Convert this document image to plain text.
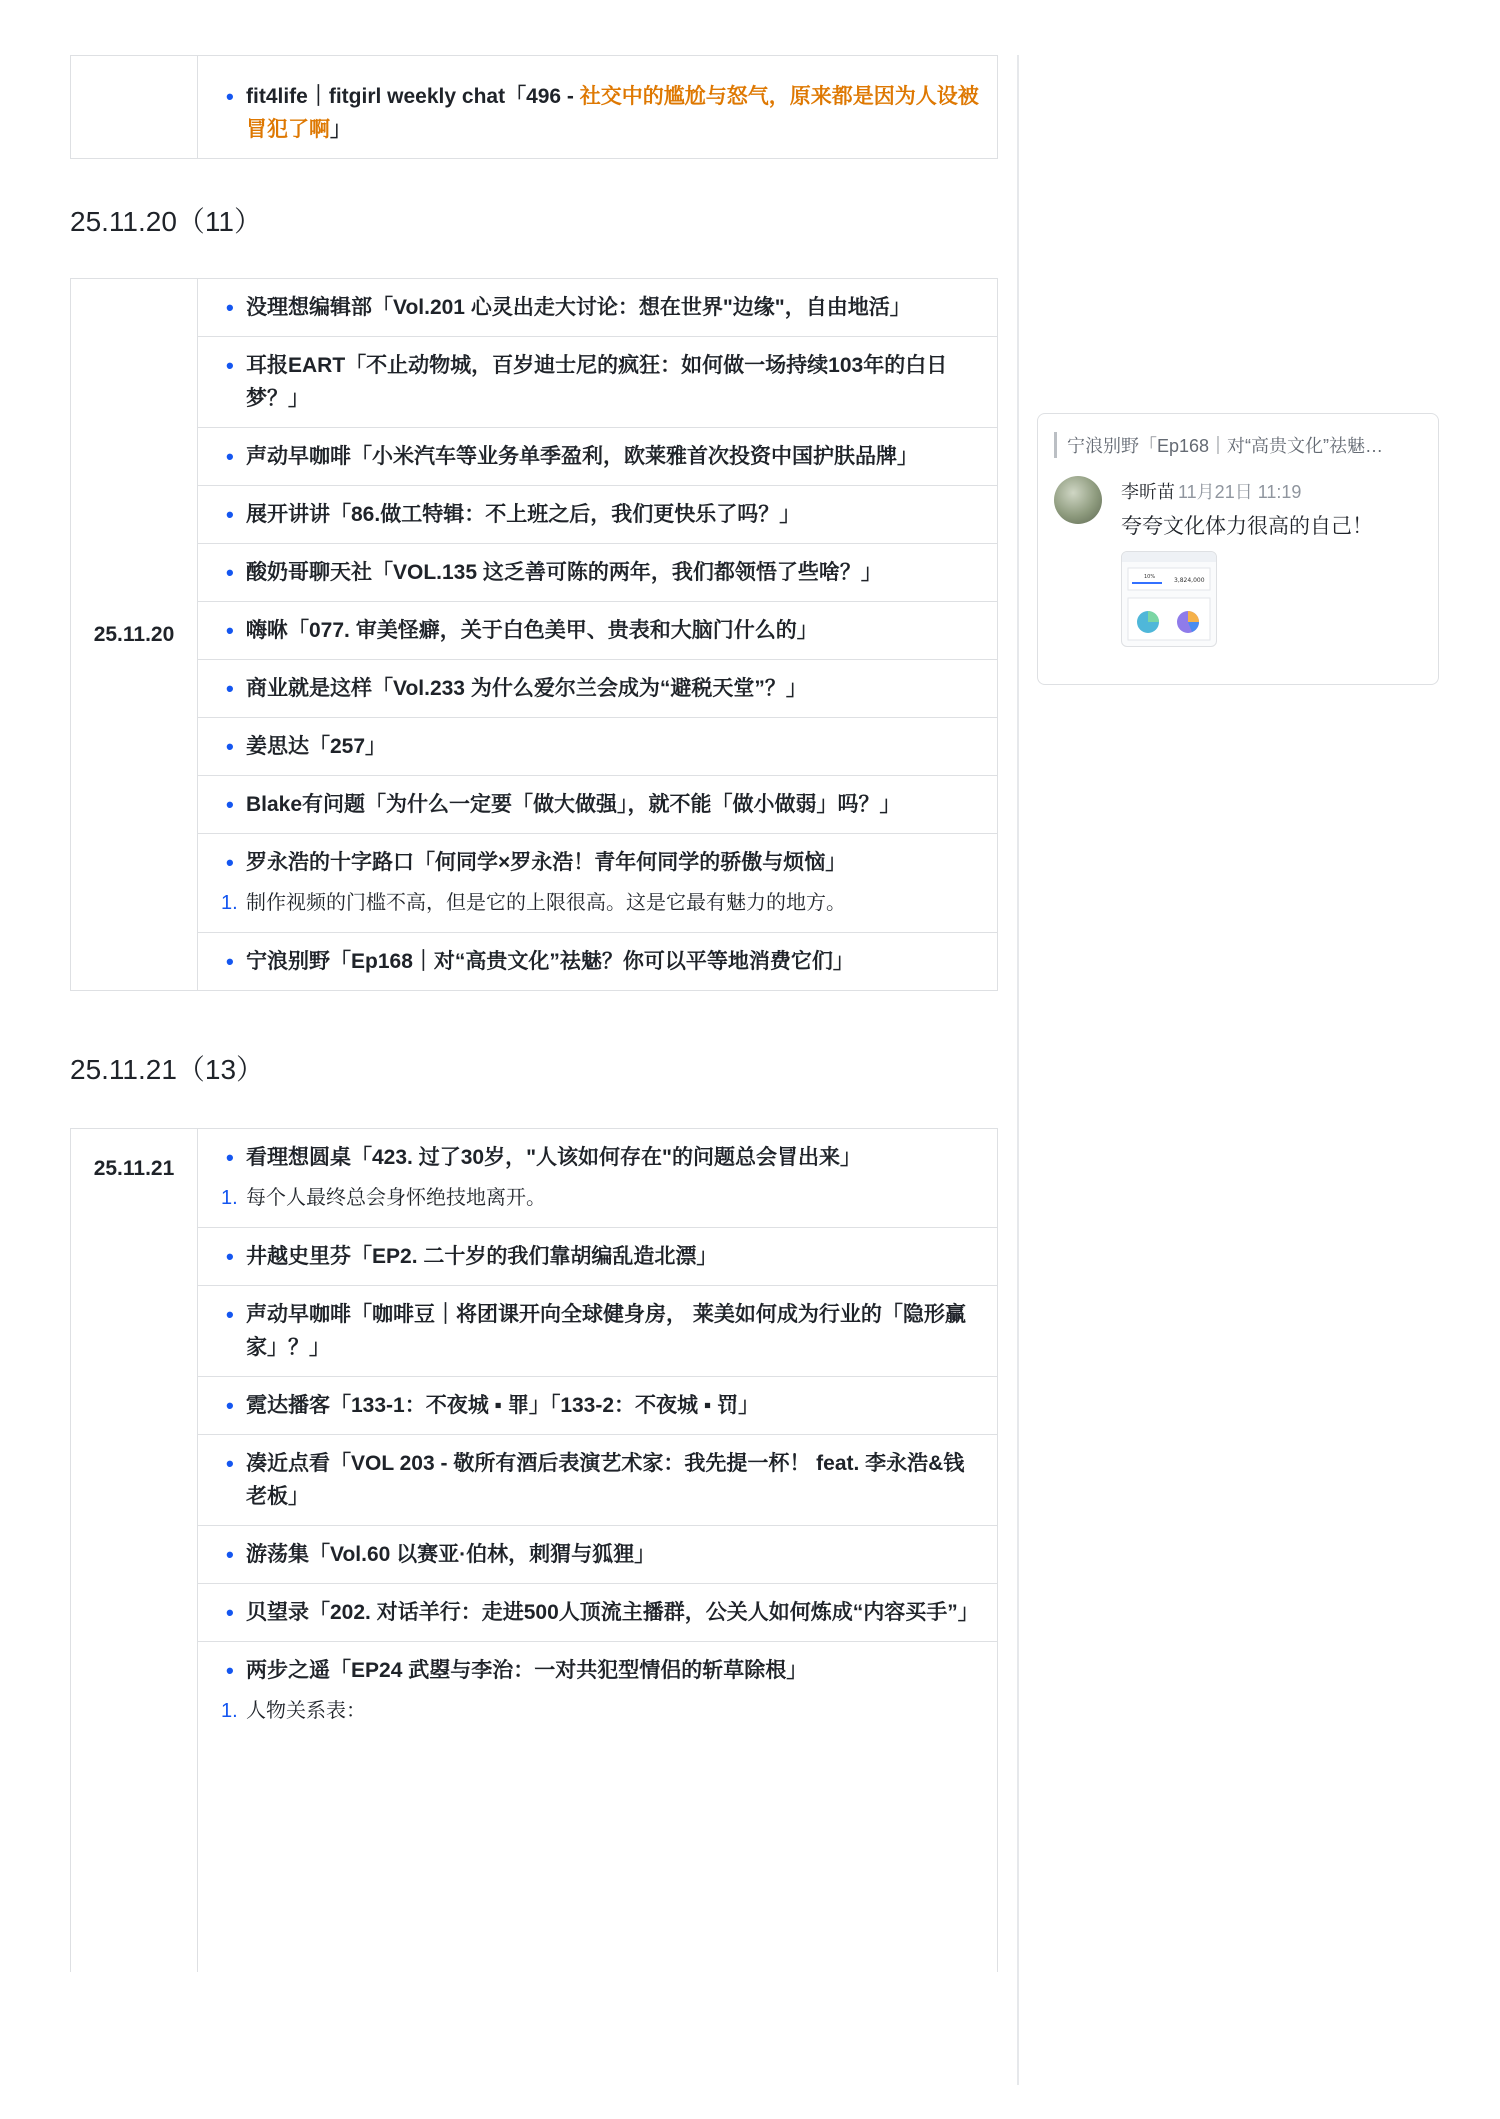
• fit4life｜fitgirl weekly chat「496 - 社交中的尴尬与怒气，原来都是因为人设被冒犯了啊」
25.11.20（11）
25.11.20	
• 没理想编辑部「Vol.201 心灵出走大讨论：想在世界"边缘"，自由地活」

• 耳报EART「不止动物城，百岁迪士尼的疯狂：如何做一场持续103年的白日梦？」

• 声动早咖啡「小米汽车等业务单季盈利，欧莱雅首次投资中国护肤品牌」

• 展开讲讲「86.做工特辑：不上班之后，我们更快乐了吗？」

• 酸奶哥聊天社「VOL.135 这乏善可陈的两年，我们都领悟了些啥？」

• 嗨咻「077. 审美怪癖，关于白色美甲、贵表和大脑门什么的」

• 商业就是这样「Vol.233 为什么爱尔兰会成为“避税天堂”？」

• 姜思达「257」

• Blake有问题「为什么一定要「做大做强」，就不能「做小做弱」吗？」

• 罗永浩的十字路口「何同学×罗永浩！青年何同学的骄傲与烦恼」
1. 制作视频的门槛不高，但是它的上限很高。这是它最有魅力的地方。

• 宁浪别野「Ep168｜对“高贵文化”祛魅？你可以平等地消费它们」
25.11.21（13）
25.11.21	• 看理想圆桌「423. 过了30岁，"人该如何存在"的问题总会冒出来」
1. 每个人最终总会身怀绝技地离开。

• 井越史里芬「EP2. 二十岁的我们靠胡编乱造北漂」

• 声动早咖啡「咖啡豆｜将团课开向全球健身房， 莱美如何成为行业的「隐形赢家」？」

• 霓达播客「133-1：不夜城 ▪ 罪」「133-2：不夜城 ▪ 罚」

• 凑近点看「VOL 203 - 敬所有酒后表演艺术家：我先提一杯！ feat. 李永浩&钱老板」

• 游荡集「Vol.60 以赛亚·伯林，刺猬与狐狸」

• 贝望录「202. 对话羊行：走进500人顶流主播群，公关人如何炼成“内容买手”」

• 两步之遥「EP24 武曌与李治：一对共犯型情侣的斩草除根」
1. 人物关系表：
宁浪别野「Ep168｜对“高贵文化”祛魅…
李昕苗 11月21日 11:19
夸夸文化体力很高的自己！
10%	3,824,000
